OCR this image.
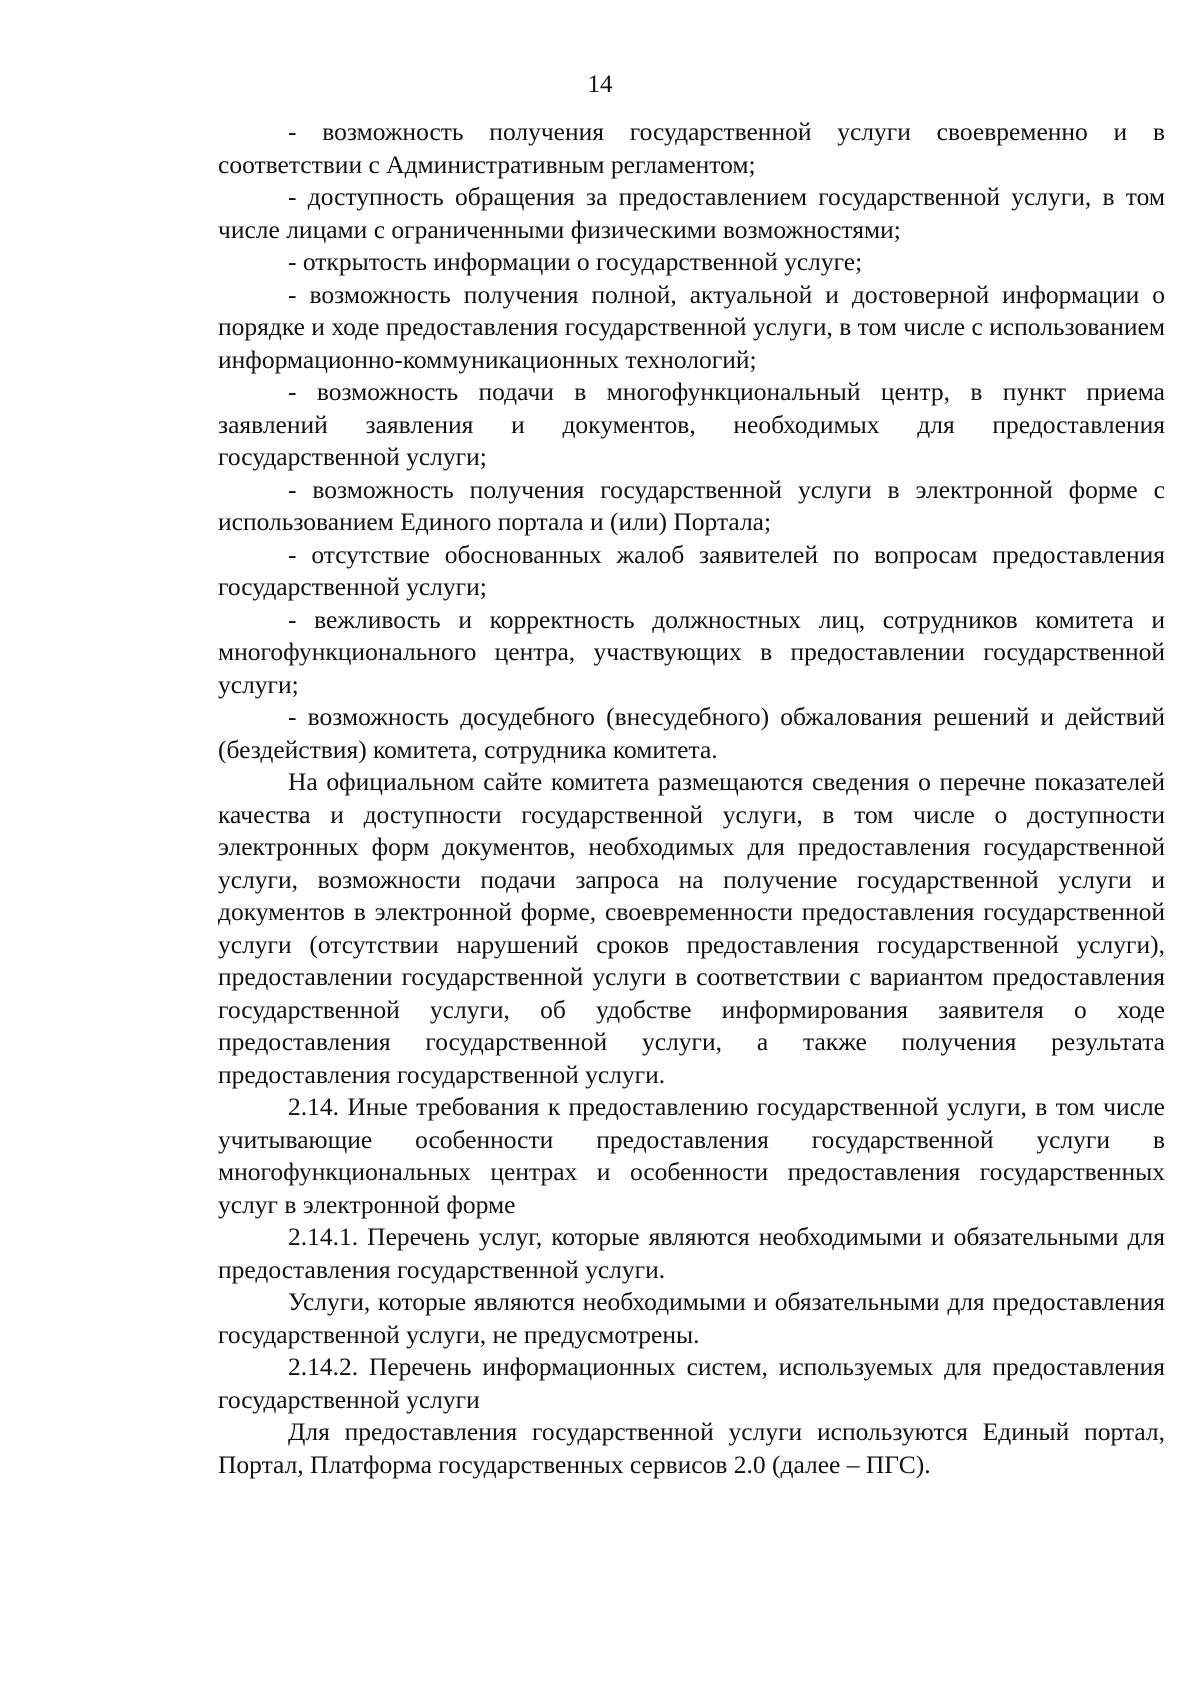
14

- возможность получения государственной услуги своевременно и в соответствии с Административным регламентом;

- доступность обращения за предоставлением государственной услуги, в том числе лицами с ограниченными физическими возможностями;

- открытость информации о государственной услуге;

- возможность получения полной, актуальной и достоверной информации о порядке и ходе предоставления государственной услуги, в том числе с использованием информационно-коммуникационных технологий;

- возможность подачи в многофункциональный центр, в пункт приема заявлений заявления и документов, необходимых для предоставления государственной услуги;

- возможность получения государственной услуги в электронной форме с использованием Единого портала и (или) Портала;

- отсутствие обоснованных жалоб заявителей по вопросам предоставления государственной услуги;

- вежливость и корректность должностных лиц, сотрудников комитета и многофункционального центра, участвующих в предоставлении государственной услуги;

- возможность досудебного (внесудебного) обжалования решений и действий (бездействия) комитета, сотрудника комитета.

На официальном сайте комитета размещаются сведения о перечне показателей качества и доступности государственной услуги, в том числе о доступности электронных форм документов, необходимых для предоставления государственной услуги, возможности подачи запроса на получение государственной услуги и документов в электронной форме, своевременности предоставления государственной услуги (отсутствии нарушений сроков предоставления государственной услуги), предоставлении государственной услуги в соответствии с вариантом предоставления государственной услуги, об удобстве информирования заявителя о ходе предоставления государственной услуги, а также получения результата предоставления государственной услуги.

2.14. Иные требования к предоставлению государственной услуги, в том числе учитывающие особенности предоставления государственной услуги в многофункциональных центрах и особенности предоставления государственных услуг в электронной форме

2.14.1. Перечень услуг, которые являются необходимыми и обязательными для предоставления государственной услуги.

Услуги, которые являются необходимыми и обязательными для предоставления государственной услуги, не предусмотрены.

2.14.2. Перечень информационных систем, используемых для предоставления государственной услуги

Для предоставления государственной услуги используются Единый портал, Портал, Платформа государственных сервисов 2.0 (далее – ПГС).
